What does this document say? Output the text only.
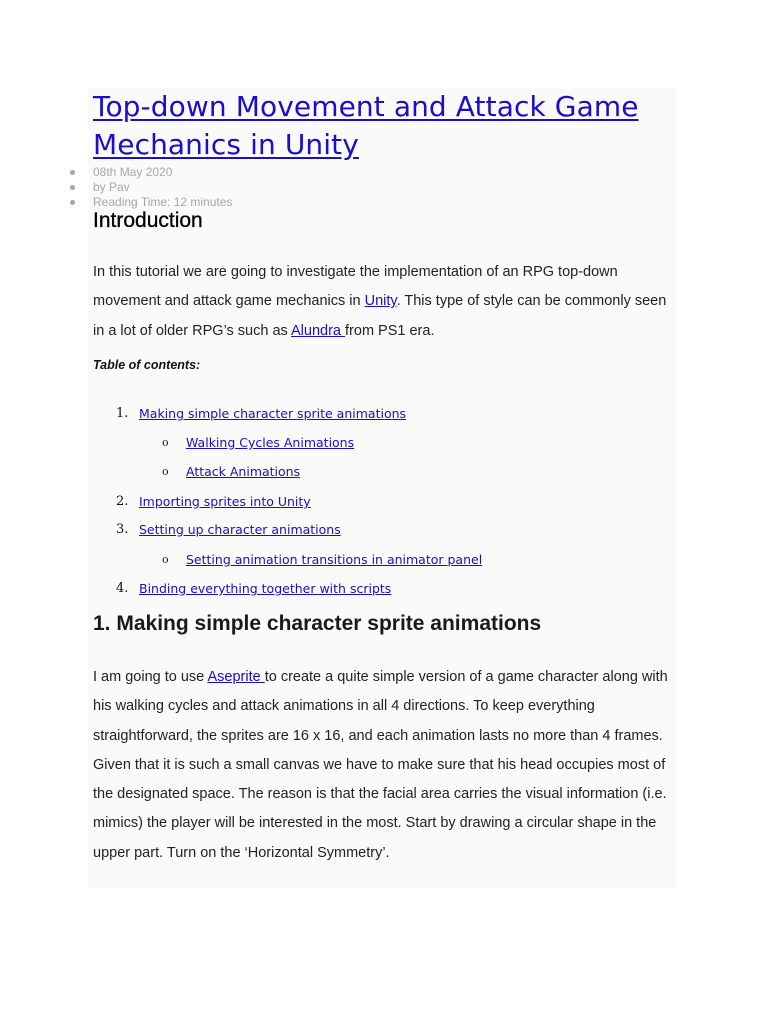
Top-down Movement and Attack Game Mechanics in Unity
08th May 2020
by Pav
Reading Time: 12 minutes
Introduction

In this tutorial we are going to investigate the implementation of an RPG top-down movement and attack game mechanics in Unity. This type of style can be commonly seen in a lot of older RPG’s such as Alundra from PS1 era.

Table of contents:

1. Making simple character sprite animations
o Walking Cycles Animations
o Attack Animations
2. Importing sprites into Unity
3. Setting up character animations
o Setting animation transitions in animator panel
4. Binding everything together with scripts
1. Making simple character sprite animations

I am going to use Aseprite to create a quite simple version of a game character along with his walking cycles and attack animations in all 4 directions. To keep everything straightforward, the sprites are 16 x 16, and each animation lasts no more than 4 frames. Given that it is such a small canvas we have to make sure that his head occupies most of the designated space. The reason is that the facial area carries the visual information (i.e. mimics) the player will be interested in the most. Start by drawing a circular shape in the upper part. Turn on the ‘Horizontal Symmetry’.
